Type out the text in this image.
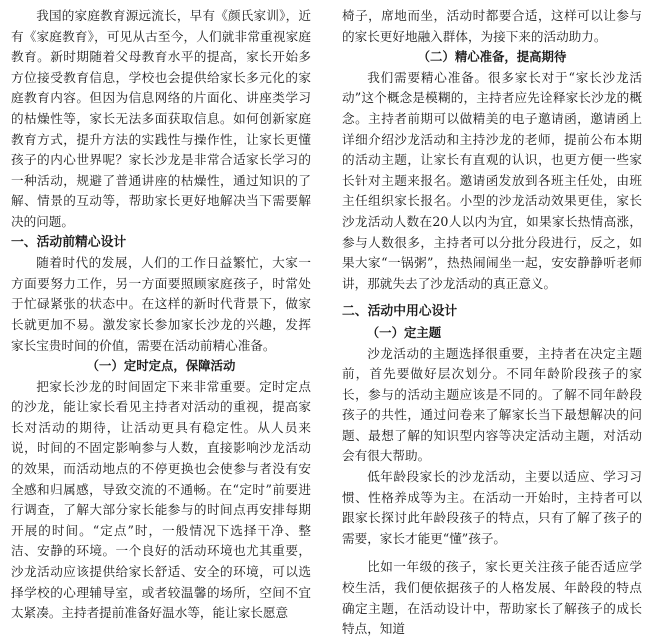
我国的家庭教育源远流长，早有《颜氏家训》，近有《家庭教育》，可见从古至今，人们就非常重视家庭教育。新时期随着父母教育水平的提高，家长开始多方位接受教育信息，学校也会提供给家长多元化的家庭教育内容。但因为信息网络的片面化、讲座类学习的枯燥性等，家长无法多面获取信息。如何创新家庭教育方式，提升方法的实践性与操作性，让家长更懂孩子的内心世界呢？家长沙龙是非常合适家长学习的一种活动，规避了普通讲座的枯燥性，通过知识的了解、情景的互动等，帮助家长更好地解决当下需要解决的问题。

一、活动前精心设计

随着时代的发展，人们的工作日益繁忙，大家一方面要努力工作，另一方面要照顾家庭孩子，时常处于忙碌紧张的状态中。在这样的新时代背景下，做家长就更加不易。激发家长参加家长沙龙的兴趣，发挥家长宝贵时间的价值，需要在活动前精心准备。

（一）定时定点，保障活动

把家长沙龙的时间固定下来非常重要。定时定点的沙龙，能让家长看见主持者对活动的重视，提高家长对活动的期待，让活动更具有稳定性。从人员来说，时间的不固定影响参与人数，直接影响沙龙活动的效果，而活动地点的不停更换也会使参与者没有安全感和归属感，导致交流的不通畅。在“定时”前要进行调查，了解大部分家长能参与的时间点再安排每期开展的时间。“定点”时，一般情况下选择干净、整洁、安静的环境。一个良好的活动环境也尤其重要，沙龙活动应该提供给家长舒适、安全的环境，可以选择学校的心理辅导室，或者较温馨的场所，空间不宜太紧凑。主持者提前准备好温水等，能让家长愿意

椅子，席地而坐，活动时都要合适，这样可以让参与的家长更好地融入群体，为接下来的活动助力。

（二）精心准备，提高期待

我们需要精心准备。很多家长对于“家长沙龙活动”这个概念是模糊的，主持者应先诠释家长沙龙的概念。主持者前期可以做精美的电子邀请函，邀请函上详细介绍沙龙活动和主持沙龙的老师，提前公布本期的活动主题，让家长有直观的认识，也更方便一些家长针对主题来报名。邀请函发放到各班主任处，由班主任组织家长报名。小型的沙龙活动效果更佳，家长沙龙活动人数在20人以内为宜，如果家长热情高涨，参与人数很多，主持者可以分批分段进行，反之，如果大家“一锅粥”，热热闹闹坐一起，安安静静听老师讲，那就失去了沙龙活动的真正意义。

二、活动中用心设计

（一）定主题

沙龙活动的主题选择很重要，主持者在决定主题前，首先要做好层次划分。不同年龄阶段孩子的家长，参与的活动主题应该是不同的。了解不同年龄段孩子的共性，通过问卷来了解家长当下最想解决的问题、最想了解的知识型内容等决定活动主题，对活动会有很大帮助。

低年龄段家长的沙龙活动，主要以适应、学习习惯、性格养成等为主。在活动一开始时，主持者可以跟家长探讨此年龄段孩子的特点，只有了解了孩子的需要，家长才能更“懂”孩子。

比如一年级的孩子，家长更关注孩子能否适应学校生活，我们便依据孩子的人格发展、年龄段的特点确定主题，在活动设计中，帮助家长了解孩子的成长特点，知道
